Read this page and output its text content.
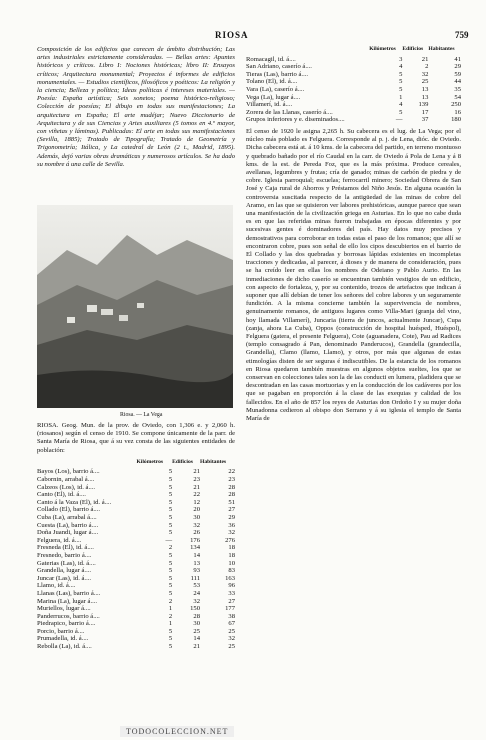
RIOSA	759

Composición de los edificios que carecen de ámbito distribución; Las artes industriales estrictamente consideradas. — Bellas artes: Apuntes históricos y críticos. Libro I: Nociones históricas; libro II: Ensayos críticos; Arquitectura monumental; Proyectos é informes de edificios monumentales. — Estudios científicos, filosóficos y poéticos: La religión y la ciencia; Belleza y política; Ideas políticas é intereses materiales. — Poesía: España artística; Seis sonetos; poema histórico-religioso; Colección de poesías; El dibujo en todas sus manifestaciones; La arquitectura en España; El arte mudéjar; Nuevo Diccionario de Arquitectura y de sus Ciencias y Artes auxiliares (5 tomos en 4.º mayor, con viñetas y láminas). Publicadas: El arte en todas sus manifestaciones (Sevilla, 1885); Tratado de Tipografía; Tratado de Geometría y Trigonometría; Itálica, y La catedral de León (2 t., Madrid, 1895). Además, dejó varias obras dramáticas y numerosos artículos. Se ha dado su nombre á una calle de Sevilla.

Riosa. — La Vega

RIOSA. Geog. Mun. de la prov. de Oviedo, con 1,306 e. y 2,060 h. (riosanos) según el censo de 1910. Se compone únicamente de la parr. de Santa María de Riosa, que á su vez consta de las siguientes entidades de población:

	Kilómetros	Edificios	Habitantes
Bayos (Los), barrio á....	5	21	22
Cabornin, arrabal á....	5	23	23
Calzeos (Los), id. á....	5	21	28
Canto (El), id. á....	5	22	28
Canto á la Vaza (El), id. á....	5	12	51
Collado (El), barrio á....	5	20	27
Cuba (La), arrabal á....	5	30	29
Cuesta (La), barrio á....	5	32	36
Doña Juandi, lugar á....	5	26	32
Felguera, id. á....	—	176	276
Fresneda (El), id. á....	2	134	18
Fresnedo, barrio á....	5	14	18
Gaterias (Las), id. á....	5	13	10
Grandella, lugar á....	5	93	83
Juncar (Las), id. á....	5	111	163
Llamo, id. á....	5	53	96
Llanas (Las), barrio á....	5	24	33
Marina (La), lugar á....	2	32	27
Muriellos, lugar á....	1	150	177
Panderrucos, barrio á....	2	28	38
Piedrapico, barrio á....	1	30	67
Porcio, barrio á....	5	25	25
Prumadella, id. á....	5	14	32
Rebolla (La), id. á....	5	21	25
	Kilómetros	Edificios	Habitantes
Romacagil, id. á....	3	21	41
San Adriano, caserío á....	4	2	29
Tieras (Las), barrio á....	5	32	59
Tolano (El), id. á....	5	25	44
Vara (La), caserío á....	5	13	35
Vega (La), lugar á....	1	13	54
Villamerí, id. á....	4	139	250
Zorera de las Llanas, caserío á....	5	17	16
Grupos inferiores y e. diseminados....	—	37	180

El censo de 1920 le asigna 2,265 h. Su cabecera es el lug. de La Vega; por el núcleo más poblado es Felguera. Corresponde al p. j. de Lena, dióc. de Oviedo. Dicha cabecera está at. á 10 kms. de la cabecera del partido, en terreno montuoso y quebrado bañado por el río Caudal en la carr. de Oviedo á Pola de Lena y á 8 kms. de la est. de Pereda Foz, que es la más próxima. Produce cereales, avellanas, legumbres y frutas; cría de ganado; minas de carbón de piedra y de cobre. Iglesia parroquial; escuelas; ferrocarril minero; Sociedad Obrera de San José y Caja rural de Ahorros y Préstamos del Niño Jesús. En alguna ocasión la controversia suscitada respecto de la antigüedad de las minas de cobre del Aramo, en las que se quisieron ver labores prehistóricas, aunque parece que sean una manifestación de la civilización griega en Asturias. En lo que no cabe duda es en que las referidas minas fueron trabajadas en épocas diferentes y por sucesivas gentes é dominadores del país. Hay datos muy precisos y demostrativos para corroborar en todas estas el paso de los romanos; que allí se encontraron cobre, pues son señal de ello los cipos descubiertos en el barrio de El Collado y las dos quebradas y borrosas lápidas existentes en incompletas tracciones y dedicadas, al parecer, á dioses y de manera de consideración, pues se ha creído leer en ellas los nombres de Odeiano y Pablo Aurio. En las inmediaciones de dicho caserío se encuentran también vestigios de un edificio, con aspecto de fortaleza, y, por su contenido, trozos de artefactos que indican á suponer que allí debían de tener los señores del cobre labores y un seguramente fundición. A la misma concierne también la supervivencia de nombres, genuinamente romanos, de antiguos lugares como Villa-Mari (granja del vino, hoy llamada Villamerí), Juncaria (tierra de juncos, actualmente Juncar), Cupa (zanja, ahora La Cuba), Oppos (construcción de hospital huésped, Huéspol), Felguera (gatera, el presente Felguera), Cote (aguanadera, Cote), Pau ad Radices (templo consagrado á Pan, denominado Panderucos), Grandella (grandecilla, Grandella), Clamo (llamo, Llamo), y otros, por más que algunas de estas etimologías disten de ser seguras é indiscutibles. De la estancia de los romanos en Riosa quedaron también muestras en algunos objetos sueltes, los que se conservan en colecciones tales son la de las conducti en lumera, pladidera que se descontradan en las casas mortuorias y en la conducción de los cadáveres por los que se pagaban en proporción á la clase de las exequias y calidad de los fallecidos. En el año de 857 los reyes de Asturias don Ordoño I y su mujer doña Munadonna cedieron al obispo don Serrano y á su iglesia el templo de Santa María de

TODOCOLECCION.NET
